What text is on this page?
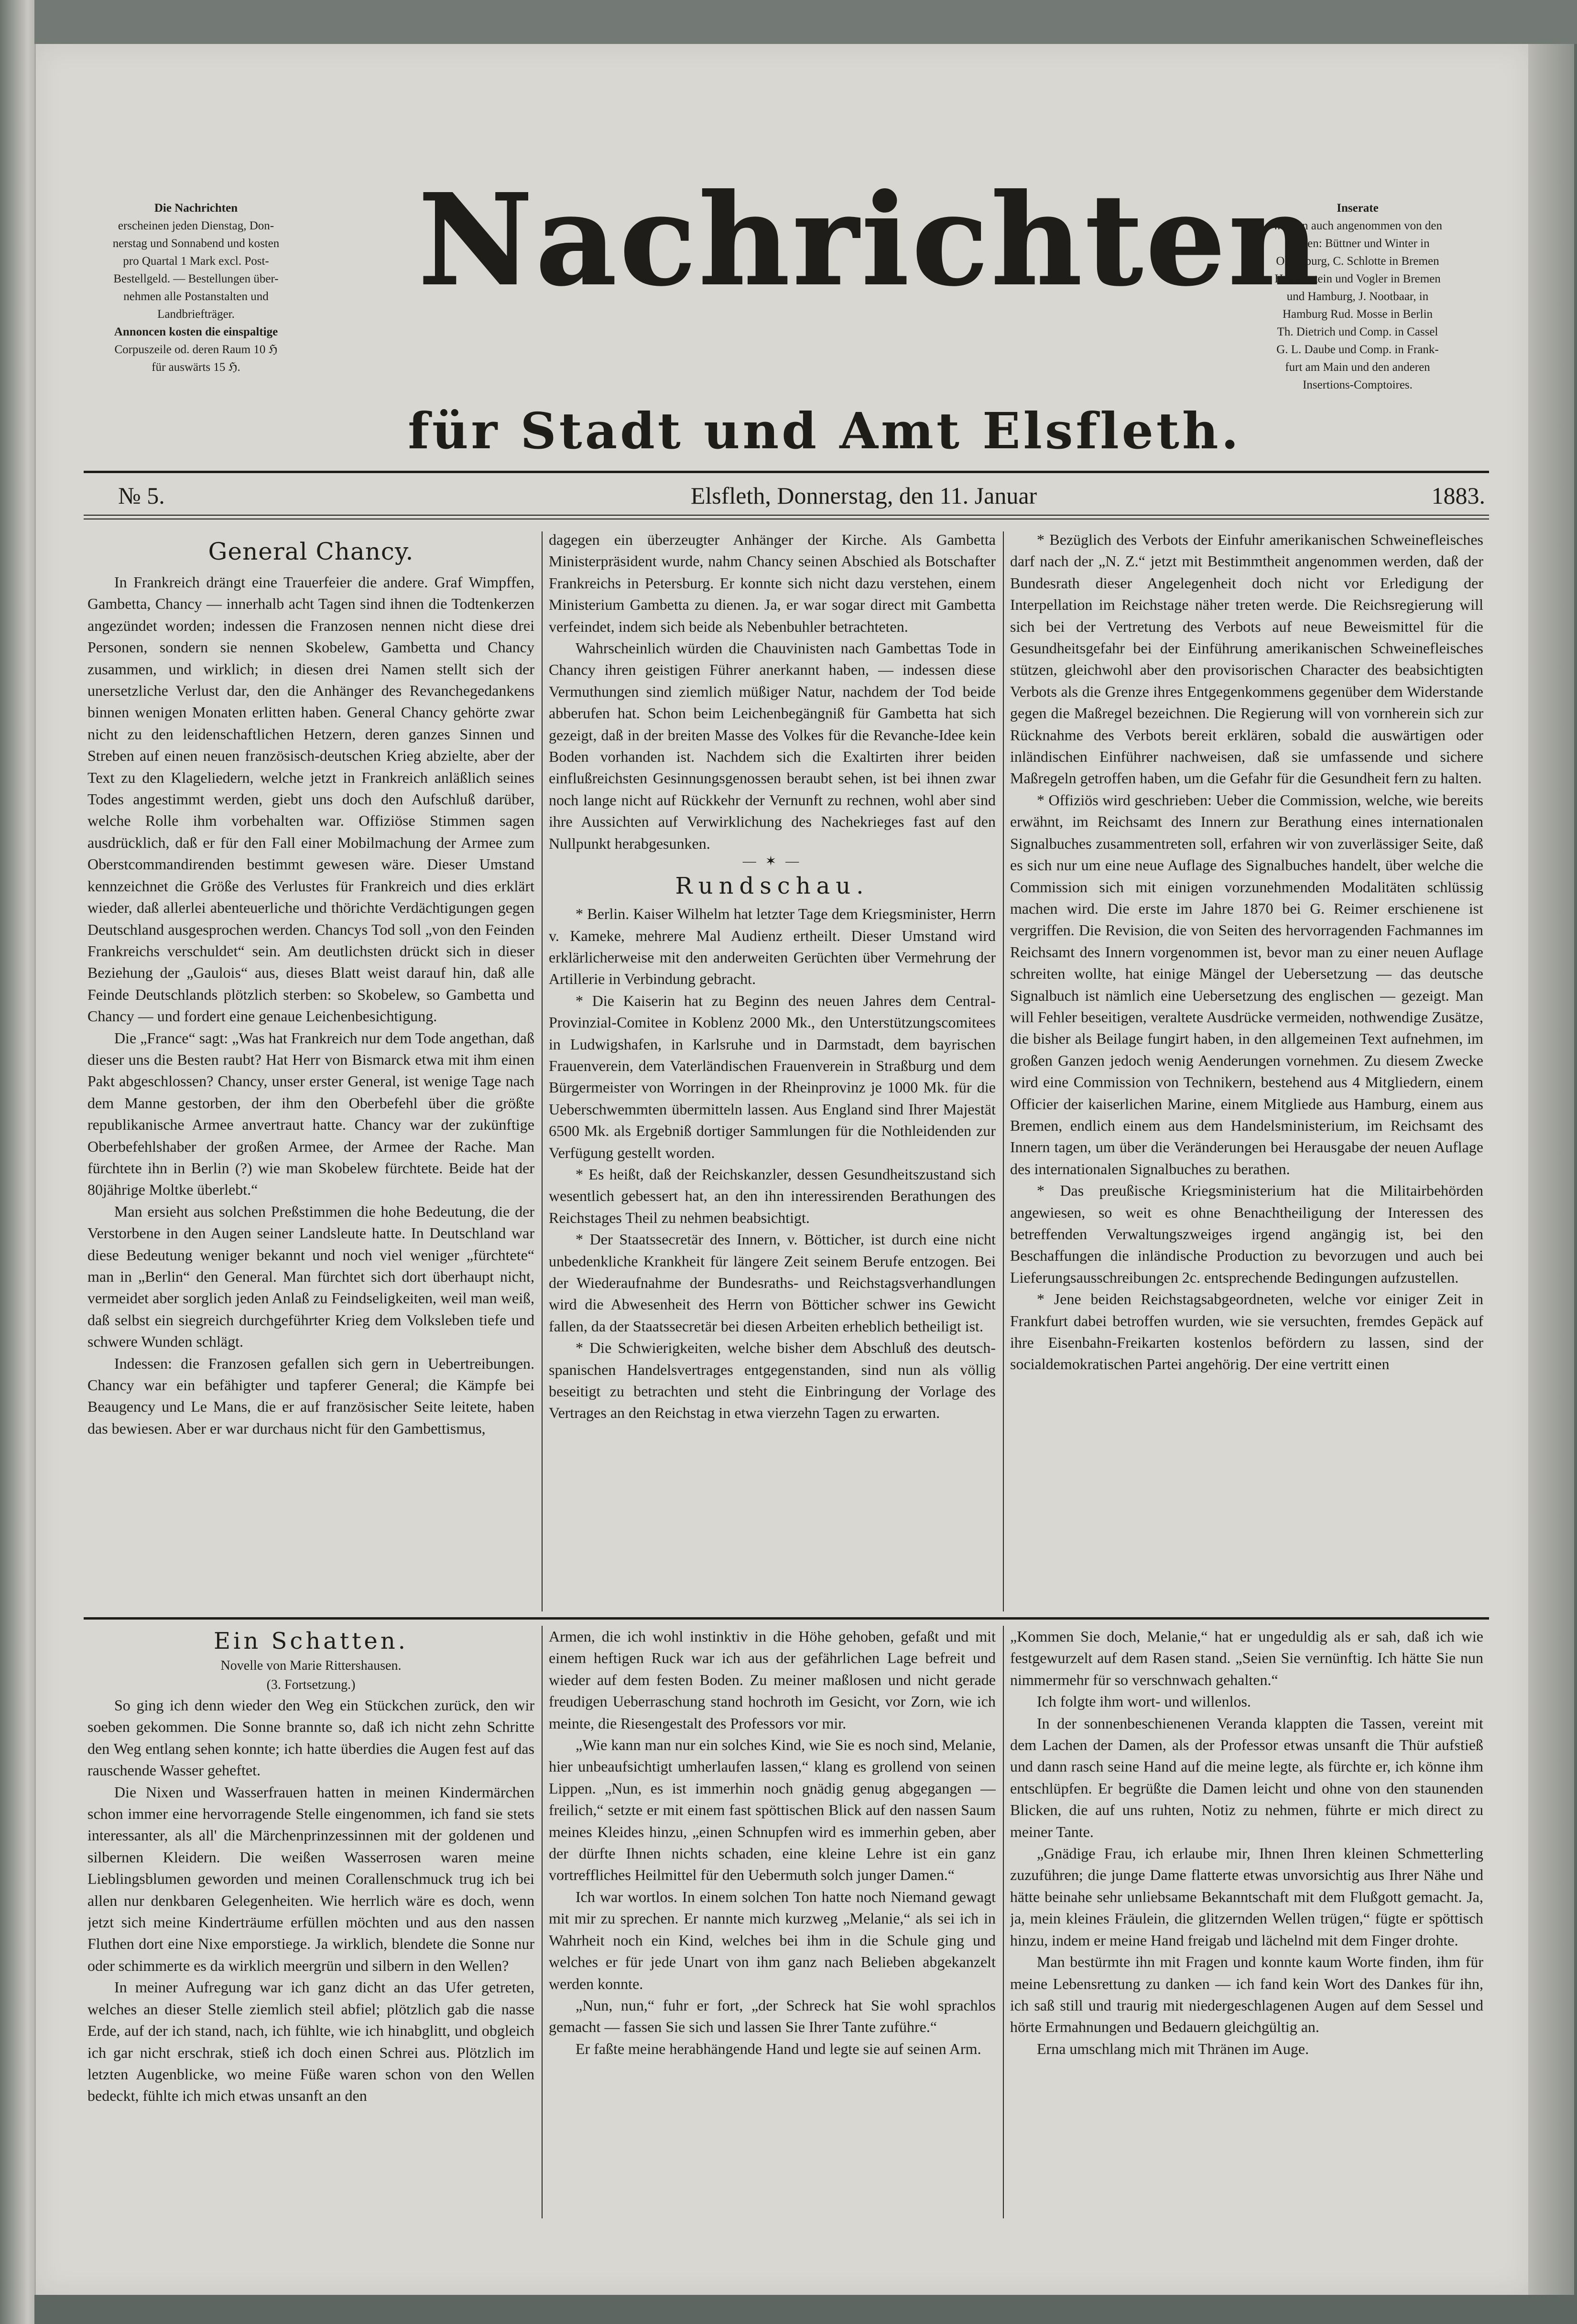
Die Nachrichten

erscheinen jeden Dienstag, Don-

nerstag und Sonnabend und kosten

pro Quartal 1 Mark excl. Post-

Bestellgeld. — Bestellungen über-

nehmen alle Postanstalten und

Landbriefträger.

Annoncen kosten die einspaltige

Corpuszeile od. deren Raum 10 ℌ

für auswärts 15 ℌ.

Nachrichten	Inserate

werden auch angenommen von den

Herren: Büttner und Winter in

Oldenburg, C. Schlotte in Bremen

Haasenstein und Vogler in Bremen

und Hamburg, J. Nootbaar, in

Hamburg Rud. Mosse in Berlin

Th. Dietrich und Comp. in Cassel

G. L. Daube und Comp. in Frank-

furt am Main und den anderen

Insertions-Comptoires.

für Stadt und Amt Elsfleth.
№ 5.	Elsfleth, Donnerstag, den 11. Januar	1883.
General Chancy.

In Frankreich drängt eine Trauerfeier die andere. Graf Wimpffen, Gambetta, Chancy — innerhalb acht Tagen sind ihnen die Todtenkerzen angezündet worden; indessen die Franzosen nennen nicht diese drei Personen, sondern sie nennen Skobelew, Gambetta und Chancy zusammen, und wirklich; in diesen drei Namen stellt sich der unersetzliche Verlust dar, den die Anhänger des Revanchegedankens binnen wenigen Monaten erlitten haben. General Chancy gehörte zwar nicht zu den leidenschaftlichen Hetzern, deren ganzes Sinnen und Streben auf einen neuen französisch-deutschen Krieg abzielte, aber der Text zu den Klageliedern, welche jetzt in Frankreich anläßlich seines Todes angestimmt werden, giebt uns doch den Aufschluß darüber, welche Rolle ihm vorbehalten war. Offiziöse Stimmen sagen ausdrücklich, daß er für den Fall einer Mobilmachung der Armee zum Oberstcommandirenden bestimmt gewesen wäre. Dieser Umstand kennzeichnet die Größe des Verlustes für Frankreich und dies erklärt wieder, daß allerlei abenteuerliche und thörichte Verdächtigungen gegen Deutschland ausgesprochen werden. Chancys Tod soll „von den Feinden Frankreichs verschuldet“ sein. Am deutlichsten drückt sich in dieser Beziehung der „Gaulois“ aus, dieses Blatt weist darauf hin, daß alle Feinde Deutschlands plötzlich sterben: so Skobelew, so Gambetta und Chancy — und fordert eine genaue Leichenbesichtigung.

Die „France“ sagt: „Was hat Frankreich nur dem Tode angethan, daß dieser uns die Besten raubt? Hat Herr von Bismarck etwa mit ihm einen Pakt abgeschlossen? Chancy, unser erster General, ist wenige Tage nach dem Manne gestorben, der ihm den Oberbefehl über die größte republikanische Armee anvertraut hatte. Chancy war der zukünftige Oberbefehlshaber der großen Armee, der Armee der Rache. Man fürchtete ihn in Berlin (?) wie man Skobelew fürchtete. Beide hat der 80jährige Moltke überlebt.“

Man ersieht aus solchen Preßstimmen die hohe Bedeutung, die der Verstorbene in den Augen seiner Landsleute hatte. In Deutschland war diese Bedeutung weniger bekannt und noch viel weniger „fürchtete“ man in „Berlin“ den General. Man fürchtet sich dort überhaupt nicht, vermeidet aber sorglich jeden Anlaß zu Feindseligkeiten, weil man weiß, daß selbst ein siegreich durchgeführter Krieg dem Volksleben tiefe und schwere Wunden schlägt.

Indessen: die Franzosen gefallen sich gern in Uebertreibungen. Chancy war ein befähigter und tapferer General; die Kämpfe bei Beaugency und Le Mans, die er auf französischer Seite leitete, haben das bewiesen. Aber er war durchaus nicht für den Gambettismus,

dagegen ein überzeugter Anhänger der Kirche. Als Gambetta Ministerpräsident wurde, nahm Chancy seinen Abschied als Botschafter Frankreichs in Petersburg. Er konnte sich nicht dazu verstehen, einem Ministerium Gambetta zu dienen. Ja, er war sogar direct mit Gambetta verfeindet, indem sich beide als Nebenbuhler betrachteten.

Wahrscheinlich würden die Chauvinisten nach Gambettas Tode in Chancy ihren geistigen Führer anerkannt haben, — indessen diese Vermuthungen sind ziemlich müßiger Natur, nachdem der Tod beide abberufen hat. Schon beim Leichenbegängniß für Gambetta hat sich gezeigt, daß in der breiten Masse des Volkes für die Revanche-Idee kein Boden vorhanden ist. Nachdem sich die Exaltirten ihrer beiden einflußreichsten Gesinnungsgenossen beraubt sehen, ist bei ihnen zwar noch lange nicht auf Rückkehr der Vernunft zu rechnen, wohl aber sind ihre Aussichten auf Verwirklichung des Nachekrieges fast auf den Nullpunkt herabgesunken.

— ✶ —
Rundschau.

* Berlin. Kaiser Wilhelm hat letzter Tage dem Kriegsminister, Herrn v. Kameke, mehrere Mal Audienz ertheilt. Dieser Umstand wird erklärlicherweise mit den anderweiten Gerüchten über Vermehrung der Artillerie in Verbindung gebracht.

* Die Kaiserin hat zu Beginn des neuen Jahres dem Central-Provinzial-Comitee in Koblenz 2000 Mk., den Unterstützungscomitees in Ludwigshafen, in Karlsruhe und in Darmstadt, dem bayrischen Frauenverein, dem Vaterländischen Frauenverein in Straßburg und dem Bürgermeister von Worringen in der Rheinprovinz je 1000 Mk. für die Ueberschwemmten übermitteln lassen. Aus England sind Ihrer Majestät 6500 Mk. als Ergebniß dortiger Sammlungen für die Nothleidenden zur Verfügung gestellt worden.

* Es heißt, daß der Reichskanzler, dessen Gesundheitszustand sich wesentlich gebessert hat, an den ihn interessirenden Berathungen des Reichstages Theil zu nehmen beabsichtigt.

* Der Staatssecretär des Innern, v. Bötticher, ist durch eine nicht unbedenkliche Krankheit für längere Zeit seinem Berufe entzogen. Bei der Wiederaufnahme der Bundesraths- und Reichstagsverhandlungen wird die Abwesenheit des Herrn von Bötticher schwer ins Gewicht fallen, da der Staatssecretär bei diesen Arbeiten erheblich betheiligt ist.

* Die Schwierigkeiten, welche bisher dem Abschluß des deutsch-spanischen Handelsvertrages entgegenstanden, sind nun als völlig beseitigt zu betrachten und steht die Einbringung der Vorlage des Vertrages an den Reichstag in etwa vierzehn Tagen zu erwarten.

* Bezüglich des Verbots der Einfuhr amerikanischen Schweinefleisches darf nach der „N. Z.“ jetzt mit Bestimmtheit angenommen werden, daß der Bundesrath dieser Angelegenheit doch nicht vor Erledigung der Interpellation im Reichstage näher treten werde. Die Reichsregierung will sich bei der Vertretung des Verbots auf neue Beweismittel für die Gesundheitsgefahr bei der Einführung amerikanischen Schweinefleisches stützen, gleichwohl aber den provisorischen Character des beabsichtigten Verbots als die Grenze ihres Entgegenkommens gegenüber dem Widerstande gegen die Maßregel bezeichnen. Die Regierung will von vornherein sich zur Rücknahme des Verbots bereit erklären, sobald die auswärtigen oder inländischen Einführer nachweisen, daß sie umfassende und sichere Maßregeln getroffen haben, um die Gefahr für die Gesundheit fern zu halten.

* Offiziös wird geschrieben: Ueber die Commission, welche, wie bereits erwähnt, im Reichsamt des Innern zur Berathung eines internationalen Signalbuches zusammentreten soll, erfahren wir von zuverlässiger Seite, daß es sich nur um eine neue Auflage des Signalbuches handelt, über welche die Commission sich mit einigen vorzunehmenden Modalitäten schlüssig machen wird. Die erste im Jahre 1870 bei G. Reimer erschienene ist vergriffen. Die Revision, die von Seiten des hervorragenden Fachmannes im Reichsamt des Innern vorgenommen ist, bevor man zu einer neuen Auflage schreiten wollte, hat einige Mängel der Uebersetzung — das deutsche Signalbuch ist nämlich eine Uebersetzung des englischen — gezeigt. Man will Fehler beseitigen, veraltete Ausdrücke vermeiden, nothwendige Zusätze, die bisher als Beilage fungirt haben, in den allgemeinen Text aufnehmen, im großen Ganzen jedoch wenig Aenderungen vornehmen. Zu diesem Zwecke wird eine Commission von Technikern, bestehend aus 4 Mitgliedern, einem Officier der kaiserlichen Marine, einem Mitgliede aus Hamburg, einem aus Bremen, endlich einem aus dem Handelsministerium, im Reichsamt des Innern tagen, um über die Veränderungen bei Herausgabe der neuen Auflage des internationalen Signalbuches zu berathen.

* Das preußische Kriegsministerium hat die Militairbehörden angewiesen, so weit es ohne Benachtheiligung der Interessen des betreffenden Verwaltungszweiges irgend angängig ist, bei den Beschaffungen die inländische Production zu bevorzugen und auch bei Lieferungsausschreibungen 2c. entsprechende Bedingungen aufzustellen.

* Jene beiden Reichstagsabgeordneten, welche vor einiger Zeit in Frankfurt dabei betroffen wurden, wie sie versuchten, fremdes Gepäck auf ihre Eisenbahn-Freikarten kostenlos befördern zu lassen, sind der socialdemokratischen Partei angehörig. Der eine vertritt einen

Ein Schatten.
Novelle von Marie Rittershausen.
(3. Fortsetzung.)

So ging ich denn wieder den Weg ein Stückchen zurück, den wir soeben gekommen. Die Sonne brannte so, daß ich nicht zehn Schritte den Weg entlang sehen konnte; ich hatte überdies die Augen fest auf das rauschende Wasser geheftet.

Die Nixen und Wasserfrauen hatten in meinen Kindermärchen schon immer eine hervorragende Stelle eingenommen, ich fand sie stets interessanter, als all' die Märchenprinzessinnen mit der goldenen und silbernen Kleidern. Die weißen Wasserrosen waren meine Lieblingsblumen geworden und meinen Corallenschmuck trug ich bei allen nur denkbaren Gelegenheiten. Wie herrlich wäre es doch, wenn jetzt sich meine Kinderträume erfüllen möchten und aus den nassen Fluthen dort eine Nixe emporstiege. Ja wirklich, blendete die Sonne nur oder schimmerte es da wirklich meergrün und silbern in den Wellen?

In meiner Aufregung war ich ganz dicht an das Ufer getreten, welches an dieser Stelle ziemlich steil abfiel; plötzlich gab die nasse Erde, auf der ich stand, nach, ich fühlte, wie ich hinabglitt, und obgleich ich gar nicht erschrak, stieß ich doch einen Schrei aus. Plötzlich im letzten Augenblicke, wo meine Füße waren schon von den Wellen bedeckt, fühlte ich mich etwas unsanft an den

Armen, die ich wohl instinktiv in die Höhe gehoben, gefaßt und mit einem heftigen Ruck war ich aus der gefährlichen Lage befreit und wieder auf dem festen Boden. Zu meiner maßlosen und nicht gerade freudigen Ueberraschung stand hochroth im Gesicht, vor Zorn, wie ich meinte, die Riesengestalt des Professors vor mir.

„Wie kann man nur ein solches Kind, wie Sie es noch sind, Melanie, hier unbeaufsichtigt umherlaufen lassen,“ klang es grollend von seinen Lippen. „Nun, es ist immerhin noch gnädig genug abgegangen — freilich,“ setzte er mit einem fast spöttischen Blick auf den nassen Saum meines Kleides hinzu, „einen Schnupfen wird es immerhin geben, aber der dürfte Ihnen nichts schaden, eine kleine Lehre ist ein ganz vortreffliches Heilmittel für den Uebermuth solch junger Damen.“

Ich war wortlos. In einem solchen Ton hatte noch Niemand gewagt mit mir zu sprechen. Er nannte mich kurzweg „Melanie,“ als sei ich in Wahrheit noch ein Kind, welches bei ihm in die Schule ging und welches er für jede Unart von ihm ganz nach Belieben abgekanzelt werden konnte.

„Nun, nun,“ fuhr er fort, „der Schreck hat Sie wohl sprachlos gemacht — fassen Sie sich und lassen Sie Ihrer Tante zuführe.“

Er faßte meine herabhängende Hand und legte sie auf seinen Arm.

„Kommen Sie doch, Melanie,“ hat er ungeduldig als er sah, daß ich wie festgewurzelt auf dem Rasen stand. „Seien Sie vernünftig. Ich hätte Sie nun nimmermehr für so verschnwach gehalten.“

Ich folgte ihm wort- und willenlos.

In der sonnenbeschienenen Veranda klappten die Tassen, vereint mit dem Lachen der Damen, als der Professor etwas unsanft die Thür aufstieß und dann rasch seine Hand auf die meine legte, als fürchte er, ich könne ihm entschlüpfen. Er begrüßte die Damen leicht und ohne von den staunenden Blicken, die auf uns ruhten, Notiz zu nehmen, führte er mich direct zu meiner Tante.

„Gnädige Frau, ich erlaube mir, Ihnen Ihren kleinen Schmetterling zuzuführen; die junge Dame flatterte etwas unvorsichtig aus Ihrer Nähe und hätte beinahe sehr unliebsame Bekanntschaft mit dem Flußgott gemacht. Ja, ja, mein kleines Fräulein, die glitzernden Wellen trügen,“ fügte er spöttisch hinzu, indem er meine Hand freigab und lächelnd mit dem Finger drohte.

Man bestürmte ihn mit Fragen und konnte kaum Worte finden, ihm für meine Lebensrettung zu danken — ich fand kein Wort des Dankes für ihn, ich saß still und traurig mit niedergeschlagenen Augen auf dem Sessel und hörte Ermahnungen und Bedauern gleichgültig an.

Erna umschlang mich mit Thränen im Auge.
